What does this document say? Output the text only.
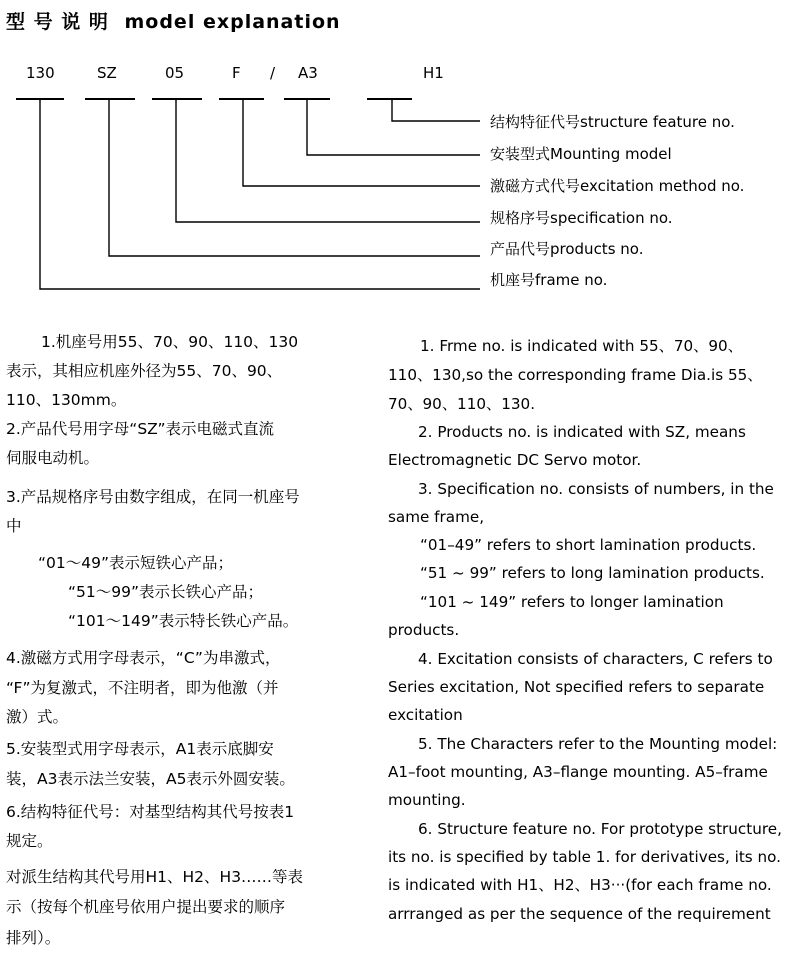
型 号 说 明 model explanation
130	SZ	05	F / A3	H1
结构特征代号structure feature no.
安装型式Mounting model
激磁方式代号excitation method no.
规格序号specification no.
产品代号products no.
机座号frame no.
1.机座号用55、70、90、110、130
表示，其相应机座外径为55、70、90、
110、130mm。
2.产品代号用字母“SZ”表示电磁式直流
伺服电动机。
3.产品规格序号由数字组成，在同一机座号
中
“01～49”表示短铁心产品；
“51～99”表示长铁心产品；
“101～149”表示特长铁心产品。
4.激磁方式用字母表示，“C”为串激式，
“F”为复激式，不注明者，即为他激（并
激）式。
5.安装型式用字母表示，A1表示底脚安
装，A3表示法兰安装，A5表示外圆安装。
6.结构特征代号：对基型结构其代号按表1
规定。
对派生结构其代号用H1、H2、H3……等表
示（按每个机座号依用户提出要求的顺序
排列）。
1. Frme no. is indicated with 55、70、90、
110、130,so the corresponding frame Dia.is 55、
70、90、110、130.
2. Products no. is indicated with SZ, means
Electromagnetic DC Servo motor.
3. Specification no. consists of numbers, in the
same frame,
“01–49” refers to short lamination products.
“51 ~ 99” refers to long lamination products.
“101 ~ 149” refers to longer lamination
products.
4. Excitation consists of characters, C refers to
Series excitation, Not specified refers to separate
excitation
5. The Characters refer to the Mounting model:
A1–foot mounting, A3–flange mounting. A5–frame
mounting.
6. Structure feature no. For prototype structure,
its no. is specified by table 1. for derivatives, its no.
is indicated with H1、H2、H3···(for each frame no.
arrranged as per the sequence of the requirement
